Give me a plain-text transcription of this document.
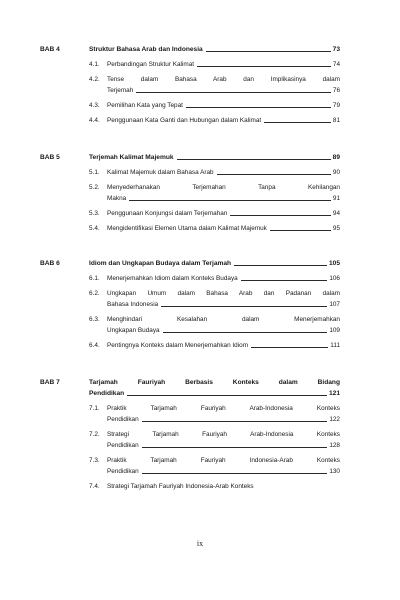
BAB 4	Struktur Bahasa Arab dan Indonesia	73
4.1. Perbandingan Struktur Kalimat	74
4.2. Tense dalam Bahasa Arab dan Implikasinya dalam
Terjemah	76
4.3. Pemilihan Kata yang Tepat	79
4.4. Penggunaan Kata Ganti dan Hubungan dalam Kalimat	81
BAB 5	Terjemah Kalimat Majemuk	89
5.1. Kalimat Majemuk dalam Bahasa Arab	90
5.2. Menyederhanakan Terjemahan Tanpa Kehilangan
Makna	91
5.3. Penggunaan Konjungsi dalam Terjemahan	94
5.4. Mengidentifikasi Elemen Utama dalam Kalimat Majemuk	95
BAB 6	Idiom dan Ungkapan Budaya dalam Terjamah	105
6.1. Menerjemahkan Idiom dalam Konteks Budaya	106
6.2. Ungkapan Umum dalam Bahasa Arab dan Padanan dalam
Bahasa Indonesia	107
6.3. Menghindari Kesalahan dalam Menerjemahkan
Ungkapan Budaya	109
6.4. Pentingnya Konteks dalam Menerjemahkan Idiom	111
BAB 7	Tarjamah Fauriyah Berbasis Konteks dalam Bidang
Pendidikan	121
7.1. Praktik Tarjamah Fauriyah Arab-Indonesia Konteks
Pendidikan	122
7.2. Strategi Tarjamah Fauriyah Arab-Indonesia Konteks
Pendidikan	128
7.3. Praktik Tarjamah Fauriyah Indonesia-Arab Konteks
Pendidikan	130
7.4. Strategi Tarjamah Fauriyah Indonesia-Arab Konteks
ix
